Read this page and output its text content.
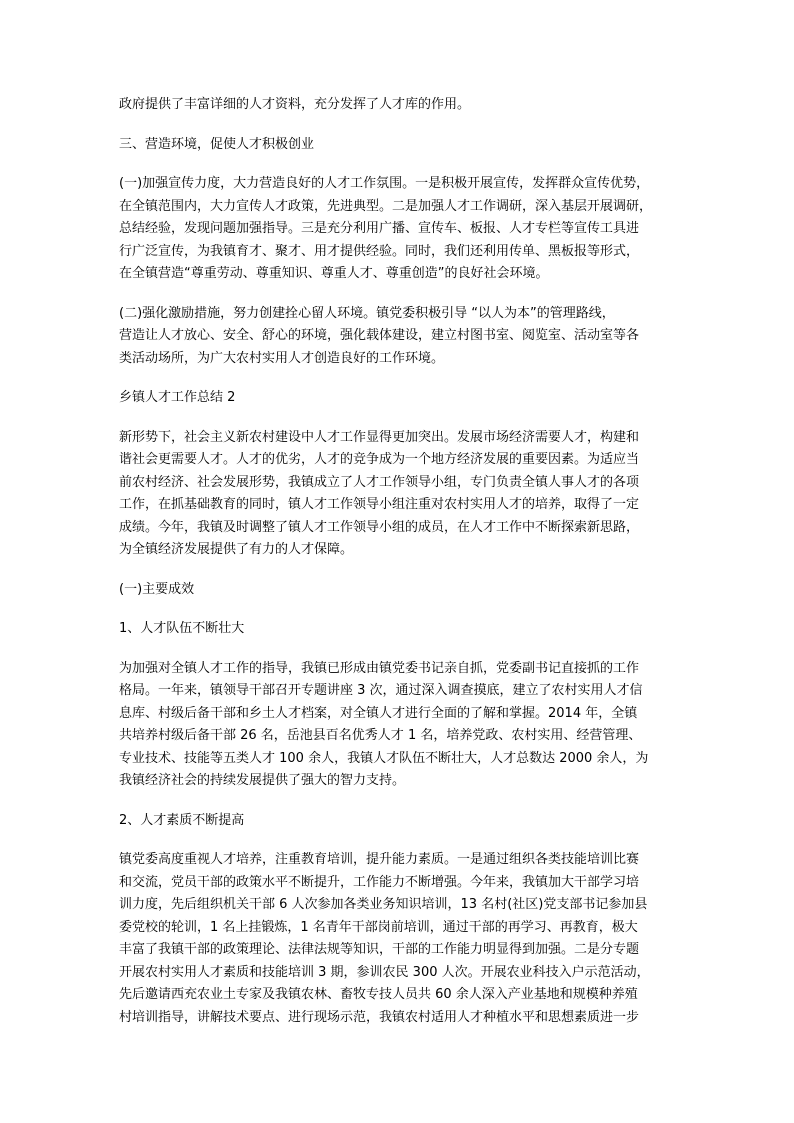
政府提供了丰富详细的人才资料，充分发挥了人才库的作用。

三、营造环境，促使人才积极创业

(一)加强宣传力度，大力营造良好的人才工作氛围。一是积极开展宣传，发挥群众宣传优势，
在全镇范围内，大力宣传人才政策，先进典型。二是加强人才工作调研，深入基层开展调研，
总结经验，发现问题加强指导。三是充分利用广播、宣传车、板报、人才专栏等宣传工具进
行广泛宣传，为我镇育才、聚才、用才提供经验。同时，我们还利用传单、黑板报等形式，
在全镇营造“尊重劳动、尊重知识、尊重人才、尊重创造”的良好社会环境。

(二)强化激励措施，努力创建拴心留人环境。镇党委积极引导 “以人为本”的管理路线，
营造让人才放心、安全、舒心的环境，强化载体建设，建立村图书室、阅览室、活动室等各
类活动场所，为广大农村实用人才创造良好的工作环境。

乡镇人才工作总结 2

新形势下，社会主义新农村建设中人才工作显得更加突出。发展市场经济需要人才，构建和
谐社会更需要人才。人才的优劣，人才的竞争成为一个地方经济发展的重要因素。为适应当
前农村经济、社会发展形势，我镇成立了人才工作领导小组，专门负责全镇人事人才的各项
工作，在抓基础教育的同时，镇人才工作领导小组注重对农村实用人才的培养，取得了一定
成绩。今年，我镇及时调整了镇人才工作领导小组的成员，在人才工作中不断探索新思路，
为全镇经济发展提供了有力的人才保障。

(一)主要成效

1、人才队伍不断壮大

为加强对全镇人才工作的指导，我镇已形成由镇党委书记亲自抓，党委副书记直接抓的工作
格局。一年来，镇领导干部召开专题讲座 3 次，通过深入调查摸底，建立了农村实用人才信
息库、村级后备干部和乡土人才档案，对全镇人才进行全面的了解和掌握。2014 年，全镇
共培养村级后备干部 26 名，岳池县百名优秀人才 1 名，培养党政、农村实用、经营管理、
专业技术、技能等五类人才 100 余人，我镇人才队伍不断壮大，人才总数达 2000 余人，为
我镇经济社会的持续发展提供了强大的智力支持。

2、人才素质不断提高

镇党委高度重视人才培养，注重教育培训，提升能力素质。一是通过组织各类技能培训比赛
和交流，党员干部的政策水平不断提升，工作能力不断增强。今年来，我镇加大干部学习培
训力度，先后组织机关干部 6 人次参加各类业务知识培训，13 名村(社区)党支部书记参加县
委党校的轮训，1 名上挂锻炼，1 名青年干部岗前培训，通过干部的再学习、再教育，极大
丰富了我镇干部的政策理论、法律法规等知识，干部的工作能力明显得到加强。二是分专题
开展农村实用人才素质和技能培训 3 期，参训农民 300 人次。开展农业科技入户示范活动，
先后邀请西充农业土专家及我镇农林、畜牧专技人员共 60 余人深入产业基地和规模种养殖
村培训指导，讲解技术要点、进行现场示范，我镇农村适用人才种植水平和思想素质进一步
